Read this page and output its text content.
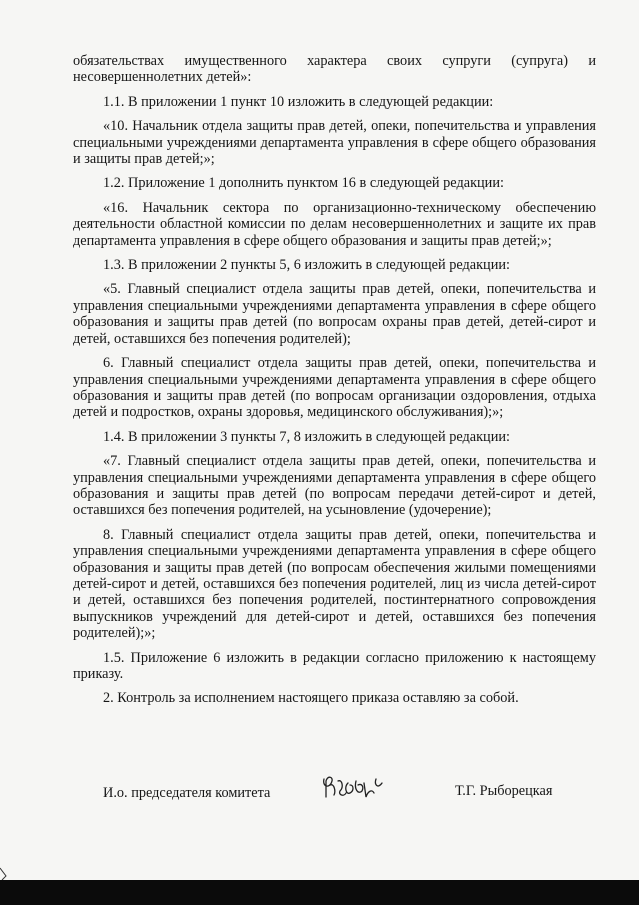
обязательствах имущественного характера своих супруги (супруга) и несовершеннолетних детей»:

1.1. В приложении 1 пункт 10 изложить в следующей редакции:

«10. Начальник отдела защиты прав детей, опеки, попечительства и управления специальными учреждениями департамента управления в сфере общего образования и защиты прав детей;»;

1.2. Приложение 1 дополнить пунктом 16 в следующей редакции:

«16. Начальник сектора по организационно-техническому обеспечению деятельности областной комиссии по делам несовершеннолетних и защите их прав департамента управления в сфере общего образования и защиты прав детей;»;

1.3. В приложении 2 пункты 5, 6 изложить в следующей редакции:

«5. Главный специалист отдела защиты прав детей, опеки, попечительства и управления специальными учреждениями департамента управления в сфере общего образования и защиты прав детей (по вопросам охраны прав детей, детей-сирот и детей, оставшихся без попечения родителей);

6. Главный специалист отдела защиты прав детей, опеки, попечительства и управления специальными учреждениями департамента управления в сфере общего образования и защиты прав детей (по вопросам организации оздоровления, отдыха детей и подростков, охраны здоровья, медицинского обслуживания);»;

1.4. В приложении 3 пункты 7, 8 изложить в следующей редакции:

«7. Главный специалист отдела защиты прав детей, опеки, попечительства и управления специальными учреждениями департамента управления в сфере общего образования и защиты прав детей (по вопросам передачи детей-сирот и детей, оставшихся без попечения родителей, на усыновление (удочерение);

8. Главный специалист отдела защиты прав детей, опеки, попечительства и управления специальными учреждениями департамента управления в сфере общего образования и защиты прав детей (по вопросам обеспечения жилыми помещениями детей-сирот и детей, оставшихся без попечения родителей, лиц из числа детей-сирот и детей, оставшихся без попечения родителей, постинтернатного сопровождения выпускников учреждений для детей-сирот и детей, оставшихся без попечения родителей);»;

1.5. Приложение 6 изложить в редакции согласно приложению к настоящему приказу.

2. Контроль за исполнением настоящего приказа оставляю за собой.

И.о. председателя комитета	Т.Г. Рыборецкая
